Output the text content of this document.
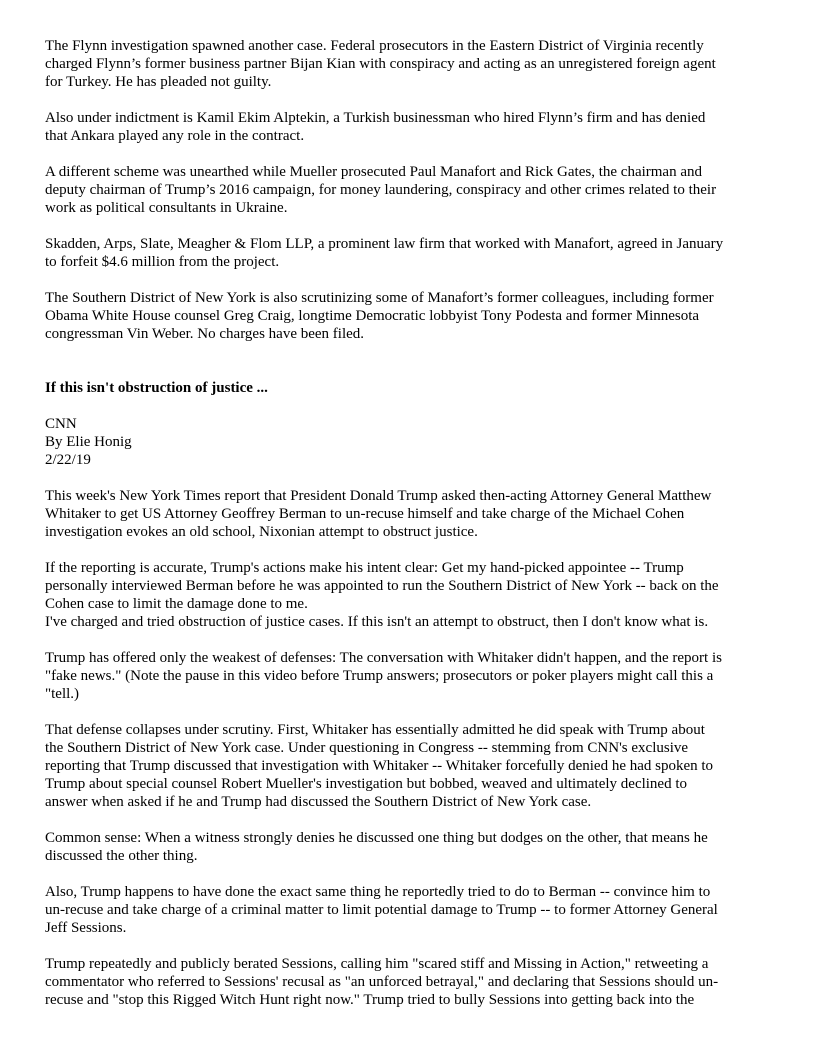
The Flynn investigation spawned another case. Federal prosecutors in the Eastern District of Virginia recently
charged Flynn’s former business partner Bijan Kian with conspiracy and acting as an unregistered foreign agent
for Turkey. He has pleaded not guilty.

Also under indictment is Kamil Ekim Alptekin, a Turkish businessman who hired Flynn’s firm and has denied
that Ankara played any role in the contract.

A different scheme was unearthed while Mueller prosecuted Paul Manafort and Rick Gates, the chairman and
deputy chairman of Trump’s 2016 campaign, for money laundering, conspiracy and other crimes related to their
work as political consultants in Ukraine.

Skadden, Arps, Slate, Meagher & Flom LLP, a prominent law firm that worked with Manafort, agreed in January
to forfeit $4.6 million from the project.

The Southern District of New York is also scrutinizing some of Manafort’s former colleagues, including former
Obama White House counsel Greg Craig, longtime Democratic lobbyist Tony Podesta and former Minnesota
congressman Vin Weber. No charges have been filed.

If this isn't obstruction of justice ...
CNN
By Elie Honig
2/22/19

This week's New York Times report that President Donald Trump asked then-acting Attorney General Matthew
Whitaker to get US Attorney Geoffrey Berman to un-recuse himself and take charge of the Michael Cohen
investigation evokes an old school, Nixonian attempt to obstruct justice.

If the reporting is accurate, Trump's actions make his intent clear: Get my hand-picked appointee -- Trump
personally interviewed Berman before he was appointed to run the Southern District of New York -- back on the
Cohen case to limit the damage done to me.

I've charged and tried obstruction of justice cases. If this isn't an attempt to obstruct, then I don't know what is.

Trump has offered only the weakest of defenses: The conversation with Whitaker didn't happen, and the report is
"fake news." (Note the pause in this video before Trump answers; prosecutors or poker players might call this a
"tell.)

That defense collapses under scrutiny. First, Whitaker has essentially admitted he did speak with Trump about
the Southern District of New York case. Under questioning in Congress -- stemming from CNN's exclusive
reporting that Trump discussed that investigation with Whitaker -- Whitaker forcefully denied he had spoken to
Trump about special counsel Robert Mueller's investigation but bobbed, weaved and ultimately declined to
answer when asked if he and Trump had discussed the Southern District of New York case.

Common sense: When a witness strongly denies he discussed one thing but dodges on the other, that means he
discussed the other thing.

Also, Trump happens to have done the exact same thing he reportedly tried to do to Berman -- convince him to
un-recuse and take charge of a criminal matter to limit potential damage to Trump -- to former Attorney General
Jeff Sessions.

Trump repeatedly and publicly berated Sessions, calling him "scared stiff and Missing in Action," retweeting a
commentator who referred to Sessions' recusal as "an unforced betrayal," and declaring that Sessions should un-
recuse and "stop this Rigged Witch Hunt right now." Trump tried to bully Sessions into getting back into the
